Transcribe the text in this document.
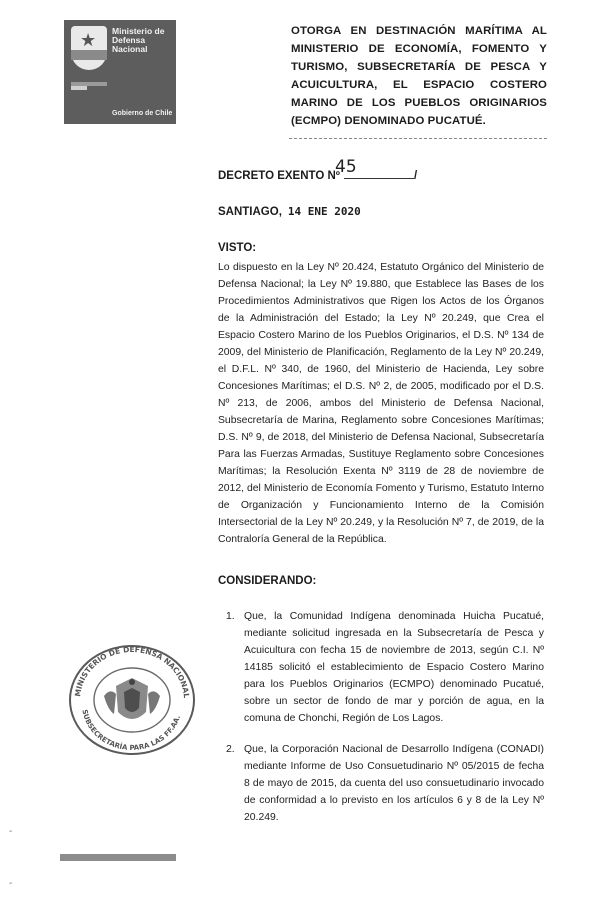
★ Ministerio de
Defensa
Nacional
Gobierno de Chile
OTORGA EN DESTINACIÓN MARÍTIMA AL MINISTERIO DE ECONOMÍA, FOMENTO Y TURISMO, SUBSECRETARÍA DE PESCA Y ACUICULTURA, EL ESPACIO COSTERO MARINO DE LOS PUEBLOS ORIGINARIOS (ECMPO) DENOMINADO PUCATUÉ.
DECRETO EXENTO Nº	/
45
SANTIAGO, 14 ENE 2020
VISTO:
Lo dispuesto en la Ley Nº 20.424, Estatuto Orgánico del Ministerio de Defensa Nacional; la Ley Nº 19.880, que Establece las Bases de los Procedimientos Administrativos que Rigen los Actos de los Órganos de la Administración del Estado; la Ley Nº 20.249, que Crea el Espacio Costero Marino de los Pueblos Originarios, el D.S. Nº 134 de 2009, del Ministerio de Planificación, Reglamento de la Ley Nº 20.249, el D.F.L. Nº 340, de 1960, del Ministerio de Hacienda, Ley sobre Concesiones Marítimas; el D.S. Nº 2, de 2005, modificado por el D.S. Nº 213, de 2006, ambos del Ministerio de Defensa Nacional, Subsecretaría de Marina, Reglamento sobre Concesiones Marítimas; D.S. Nº 9, de 2018, del Ministerio de Defensa Nacional, Subsecretaría Para las Fuerzas Armadas, Sustituye Reglamento sobre Concesiones Marítimas; la Resolución Exenta Nº 3119 de 28 de noviembre de 2012, del Ministerio de Economía Fomento y Turismo, Estatuto Interno de Organización y Funcionamiento Interno de la Comisión Intersectorial de la Ley Nº 20.249, y la Resolución Nº 7, de 2019, de la Contraloría General de la República.
CONSIDERANDO:
1. Que, la Comunidad Indígena denominada Huicha Pucatué, mediante solicitud ingresada en la Subsecretaría de Pesca y Acuicultura con fecha 15 de noviembre de 2013, según C.I. Nº 14185 solicitó el establecimiento de Espacio Costero Marino para los Pueblos Originarios (ECMPO) denominado Pucatué, sobre un sector de fondo de mar y porción de agua, en la comuna de Chonchi, Región de Los Lagos.
2. Que, la Corporación Nacional de Desarrollo Indígena (CONADI) mediante Informe de Uso Consuetudinario Nº 05/2015 de fecha 8 de mayo de 2015, da cuenta del uso consuetudinario invocado de conformidad a lo previsto en los artículos 6 y 8 de la Ley Nº 20.249.
MINISTERIO DE DEFENSA NACIONAL
SUBSECRETARÍA PARA LAS FF.AA.
-
-
